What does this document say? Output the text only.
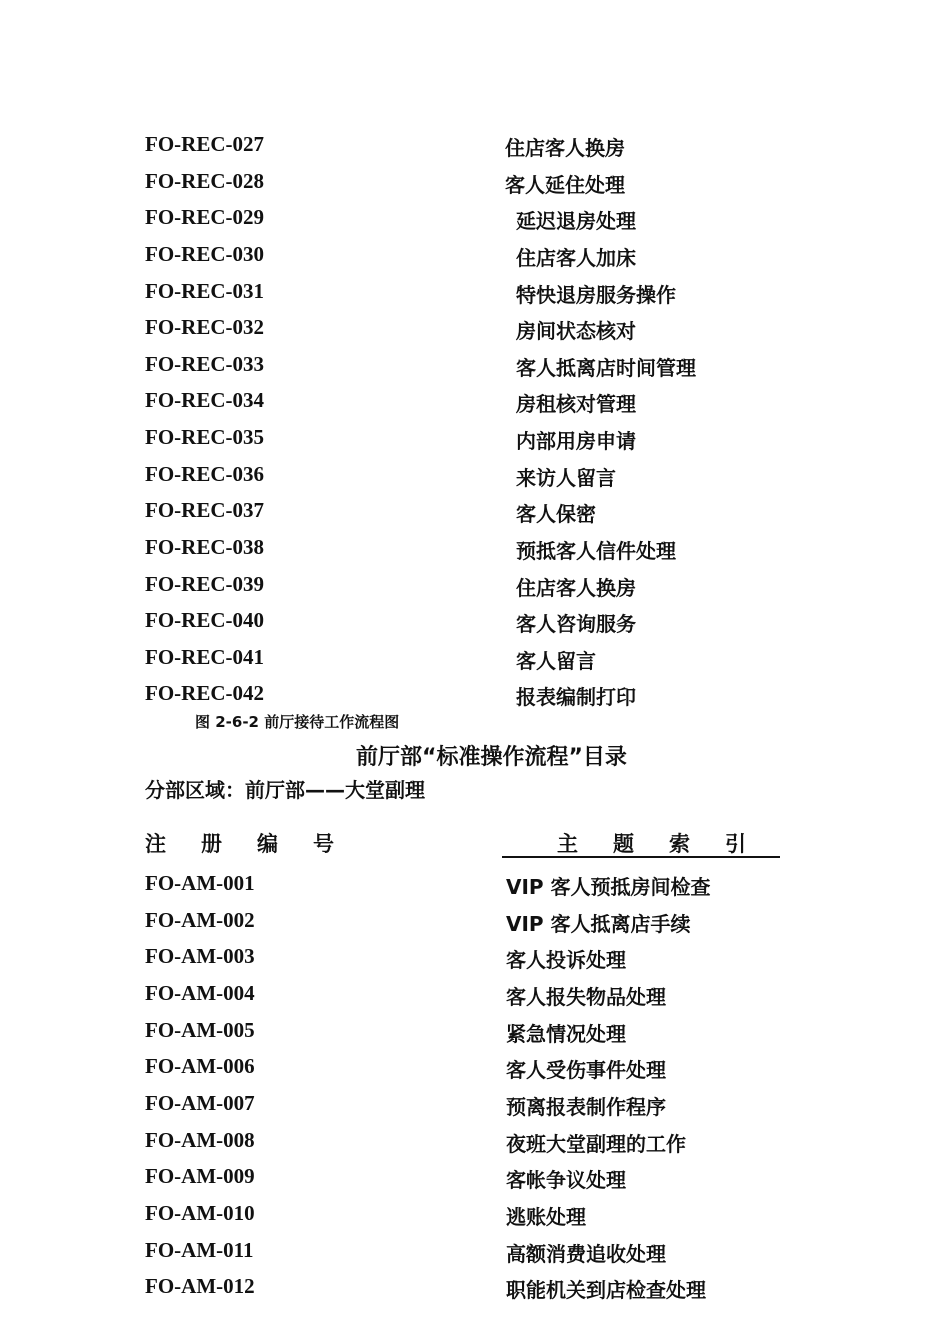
FO-REC-027	住店客人换房
FO-REC-028	客人延住处理
FO-REC-029	延迟退房处理
FO-REC-030	住店客人加床
FO-REC-031	特快退房服务操作
FO-REC-032	房间状态核对
FO-REC-033	客人抵离店时间管理
FO-REC-034	房租核对管理
FO-REC-035	内部用房申请
FO-REC-036	来访人留言
FO-REC-037	客人保密
FO-REC-038	预抵客人信件处理
FO-REC-039	住店客人换房
FO-REC-040	客人咨询服务
FO-REC-041	客人留言
FO-REC-042	报表编制打印
图 2-6-2 前厅接待工作流程图
前厅部“标准操作流程”目录
分部区域：前厅部——大堂副理
注 册 编 号	主 题 索 引
FO-AM-001	VIP 客人预抵房间检查
FO-AM-002	VIP 客人抵离店手续
FO-AM-003	客人投诉处理
FO-AM-004	客人报失物品处理
FO-AM-005	紧急情况处理
FO-AM-006	客人受伤事件处理
FO-AM-007	预离报表制作程序
FO-AM-008	夜班大堂副理的工作
FO-AM-009	客帐争议处理
FO-AM-010	逃账处理
FO-AM-011	高额消费追收处理
FO-AM-012	职能机关到店检查处理
